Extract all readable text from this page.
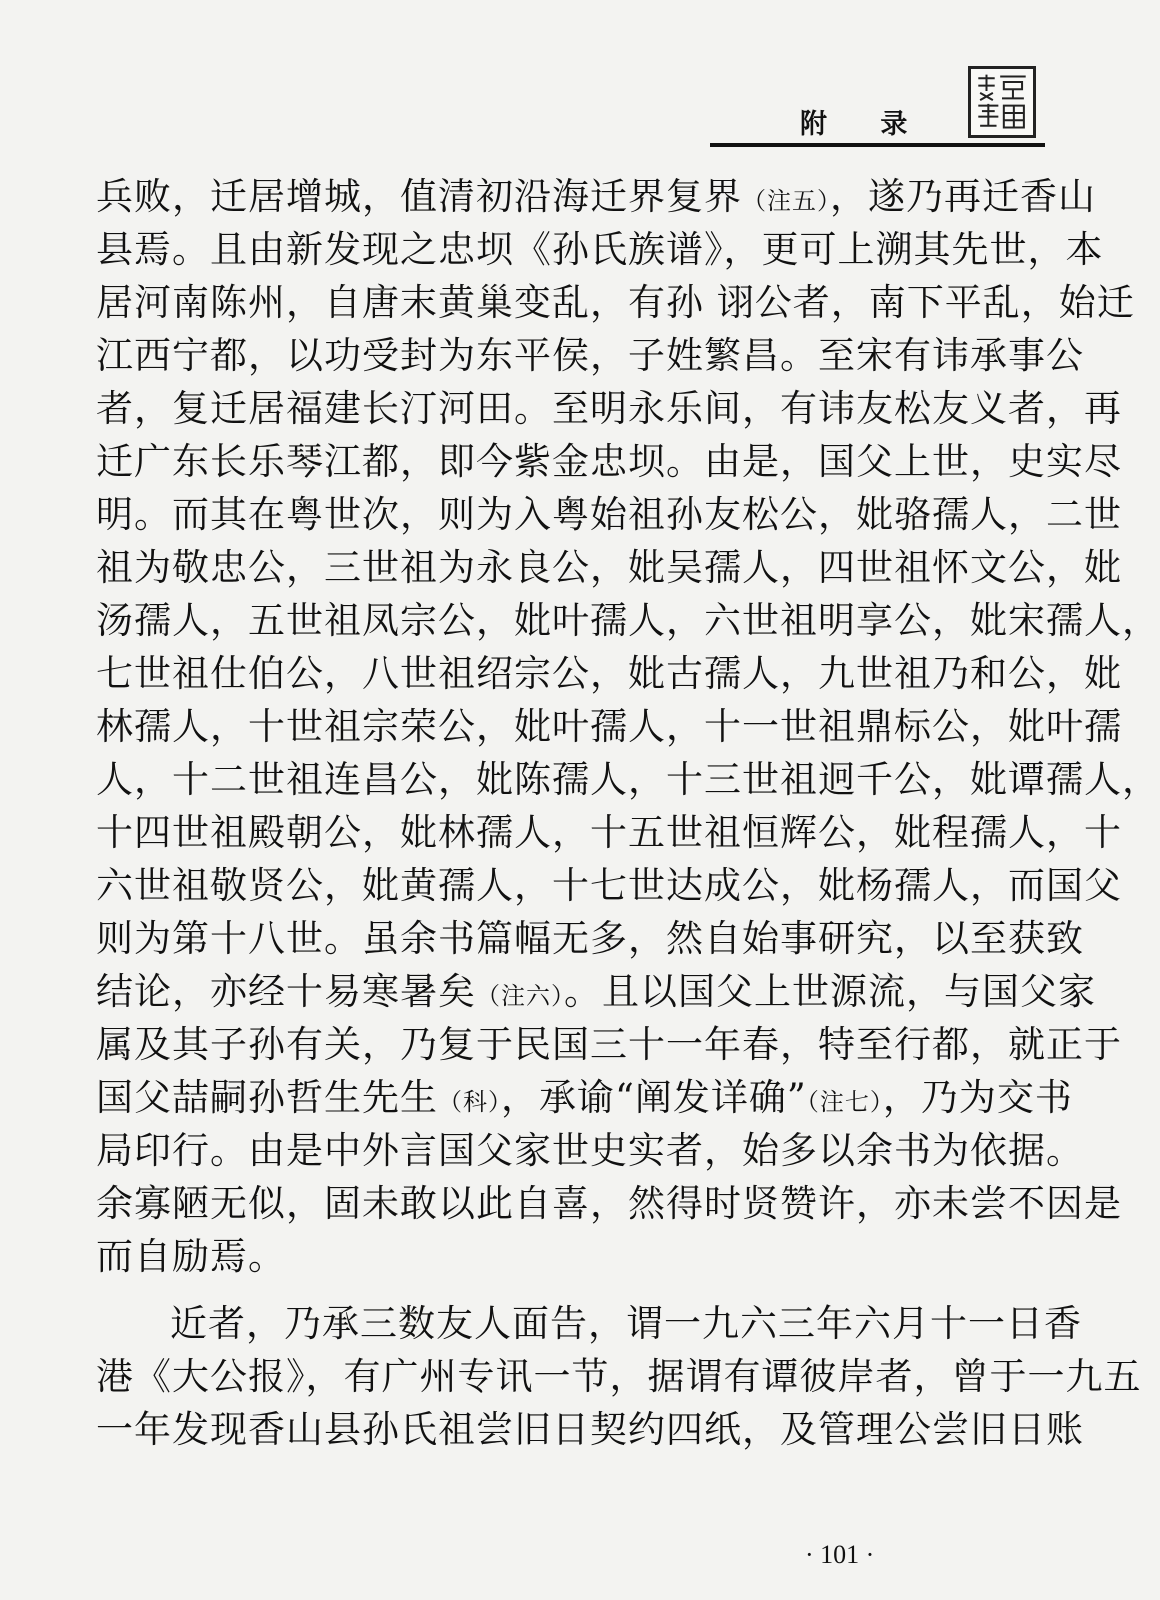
附 录
兵败，迁居增城，值清初沿海迁界复界（注五），遂乃再迁香山
县焉。且由新发现之忠坝《孙氏族谱》，更可上溯其先世，本
居河南陈州，自唐末黄巢变乱，有孙 诩公者，南下平乱，始迁
江西宁都，以功受封为东平侯，子姓繁昌。至宋有讳承事公
者，复迁居福建长汀河田。至明永乐间，有讳友松友义者，再
迁广东长乐琴江都，即今紫金忠坝。由是，国父上世，史实尽
明。而其在粤世次，则为入粤始祖孙友松公，妣骆孺人，二世
祖为敬忠公，三世祖为永良公，妣吴孺人，四世祖怀文公，妣
汤孺人，五世祖凤宗公，妣叶孺人，六世祖明享公，妣宋孺人，
七世祖仕伯公，八世祖绍宗公，妣古孺人，九世祖乃和公，妣
林孺人，十世祖宗荣公，妣叶孺人，十一世祖鼎标公，妣叶孺
人，十二世祖连昌公，妣陈孺人，十三世祖迥千公，妣谭孺人，
十四世祖殿朝公，妣林孺人，十五世祖恒辉公，妣程孺人，十
六世祖敬贤公，妣黄孺人，十七世达成公，妣杨孺人，而国父
则为第十八世。虽余书篇幅无多，然自始事研究，以至获致
结论，亦经十易寒暑矣（注六）。且以国父上世源流，与国父家
属及其子孙有关，乃复于民国三十一年春，特至行都，就正于
国父喆嗣孙哲生先生（科），承谕“阐发详确”（注七），乃为交书
局印行。由是中外言国父家世史实者，始多以余书为依据。
余寡陋无似，固未敢以此自喜，然得时贤赞许，亦未尝不因是
而自励焉。
近者，乃承三数友人面告，谓一九六三年六月十一日香
港《大公报》，有广州专讯一节，据谓有谭彼岸者，曾于一九五
一年发现香山县孙氏祖尝旧日契约四纸，及管理公尝旧日账
· 101 ·
